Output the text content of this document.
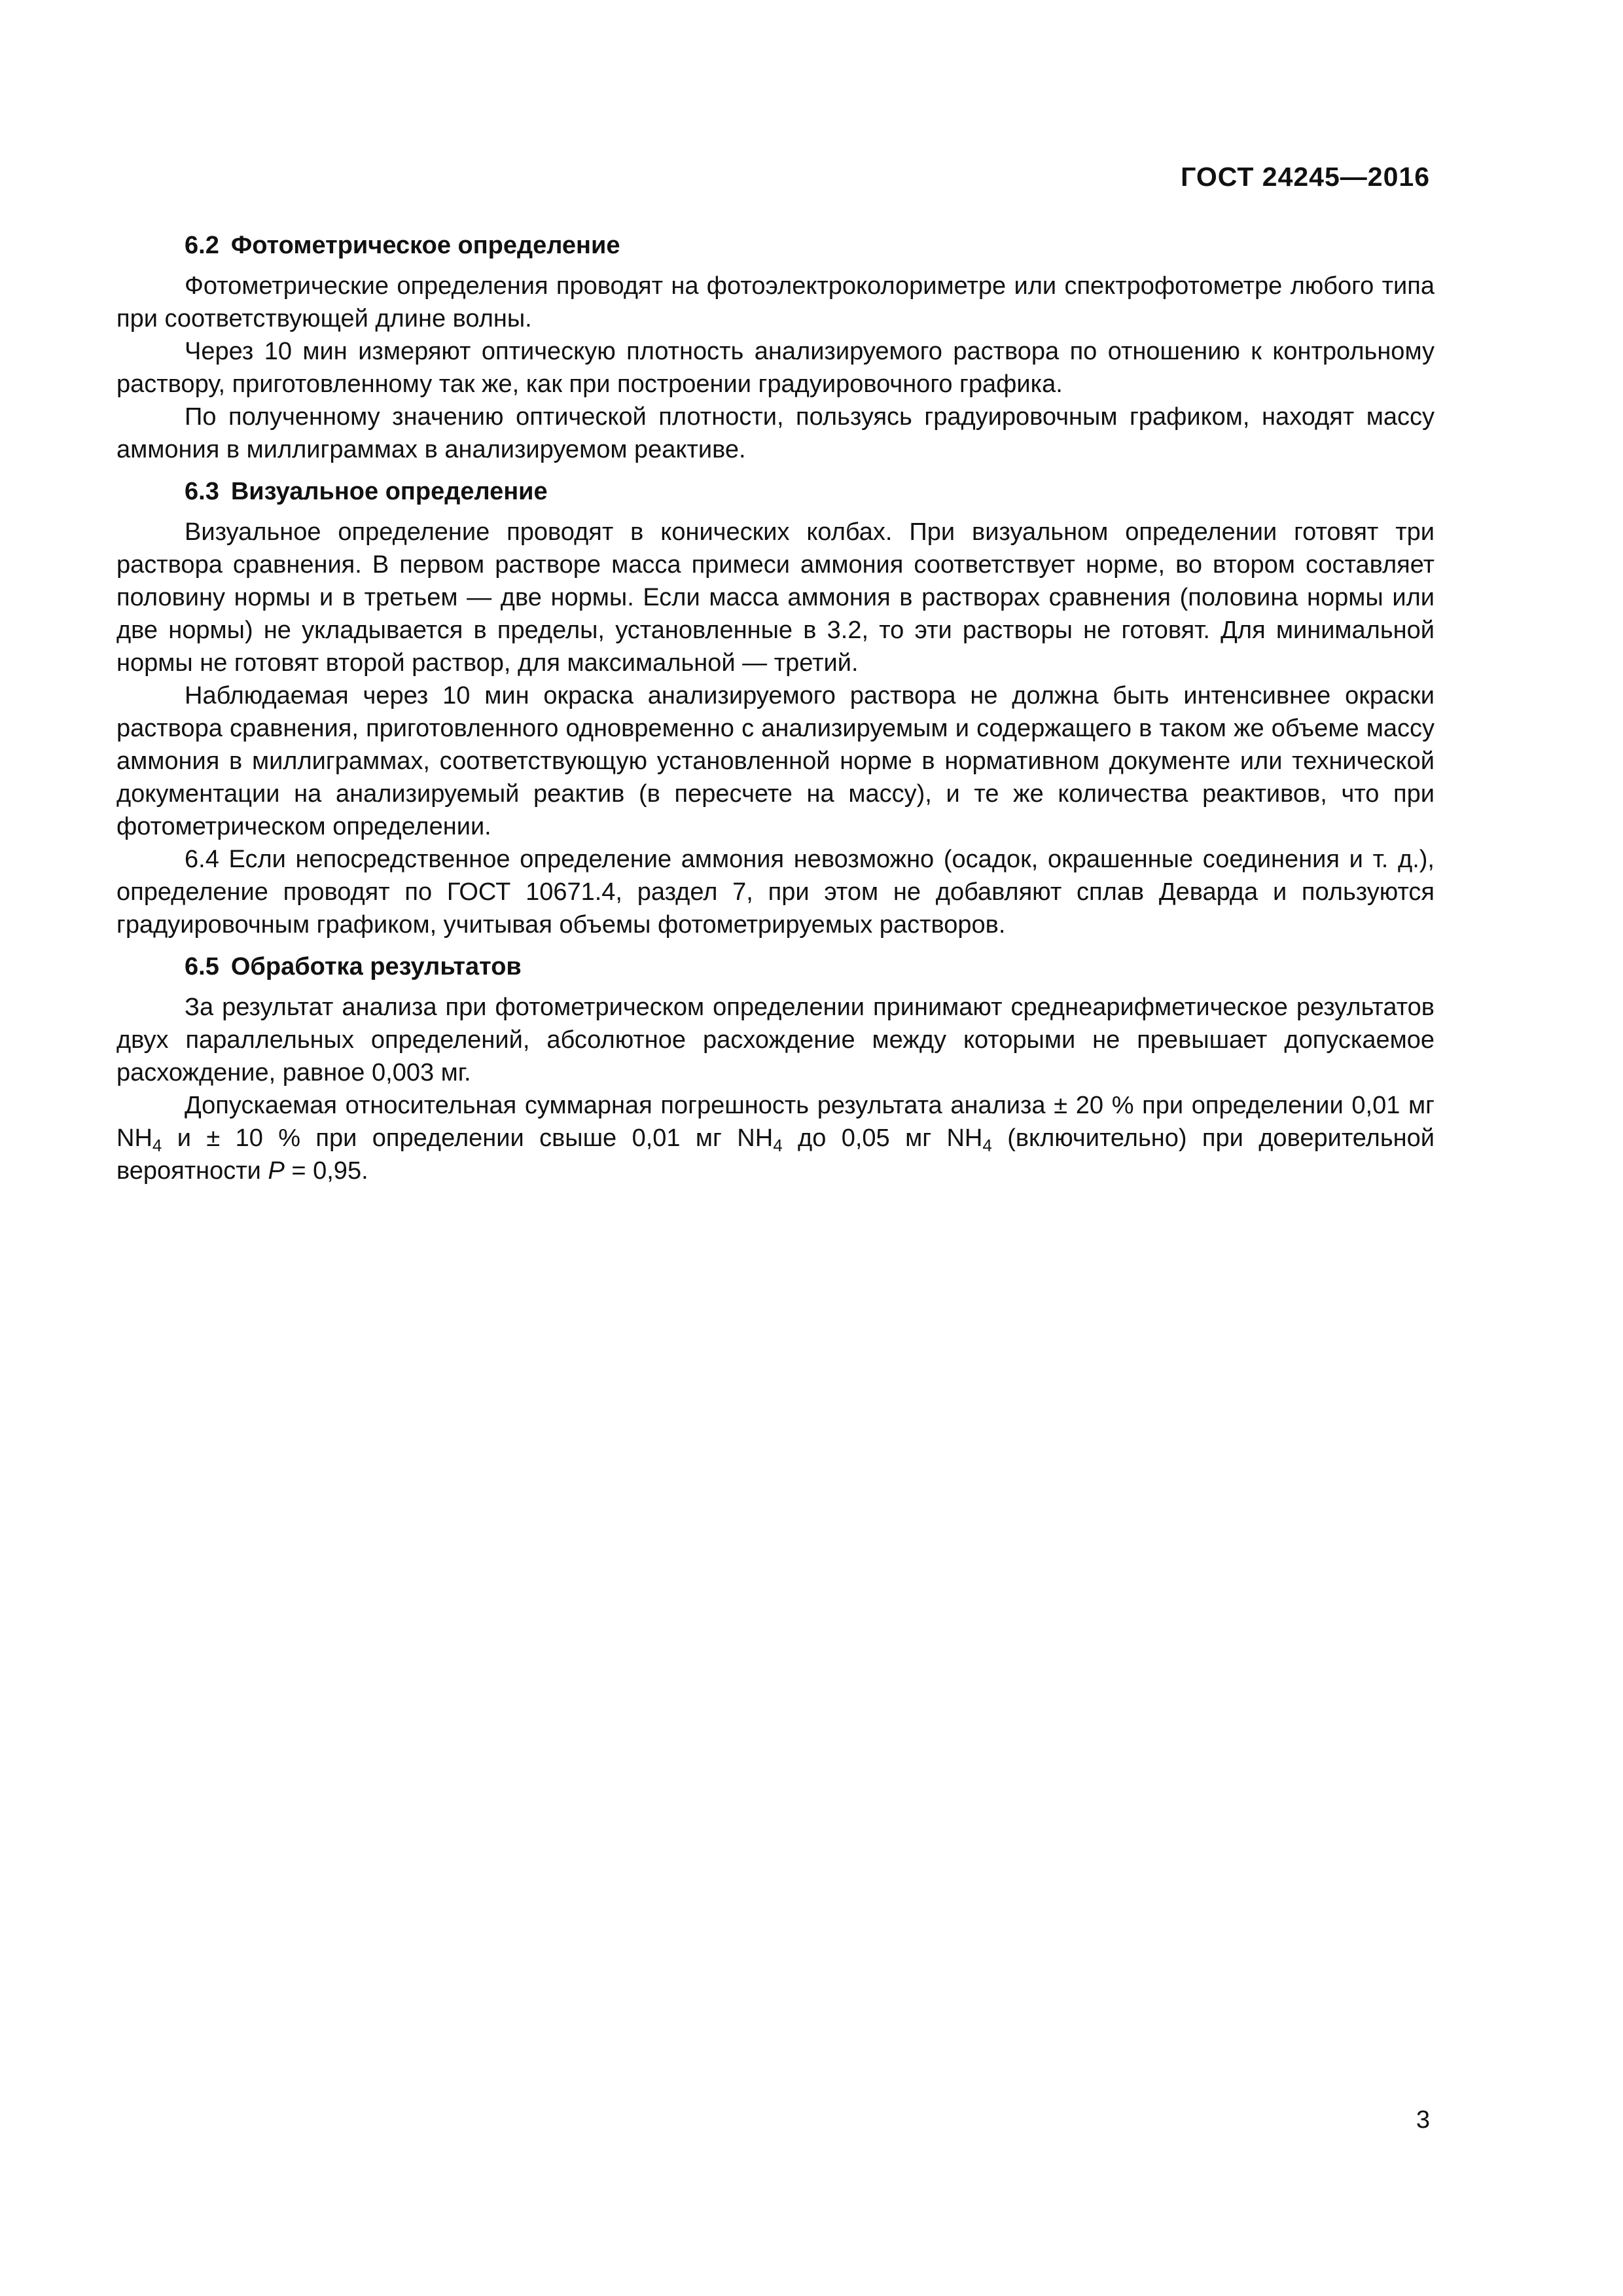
ГОСТ 24245—2016

6.2 Фотометрическое определение

Фотометрические определения проводят на фотоэлектроколориметре или спектрофотометре любого типа при соответствующей длине волны.

Через 10 мин измеряют оптическую плотность анализируемого раствора по отношению к контрольному раствору, приготовленному так же, как при построении градуировочного графика.

По полученному значению оптической плотности, пользуясь градуировочным графиком, находят массу аммония в миллиграммах в анализируемом реактиве.

6.3 Визуальное определение

Визуальное определение проводят в конических колбах. При визуальном определении готовят три раствора сравнения. В первом растворе масса примеси аммония соответствует норме, во втором составляет половину нормы и в третьем — две нормы. Если масса аммония в растворах сравнения (половина нормы или две нормы) не укладывается в пределы, установленные в 3.2, то эти растворы не готовят. Для минимальной нормы не готовят второй раствор, для максимальной — третий.

Наблюдаемая через 10 мин окраска анализируемого раствора не должна быть интенсивнее окраски раствора сравнения, приготовленного одновременно с анализируемым и содержащего в таком же объеме массу аммония в миллиграммах, соответствующую установленной норме в нормативном документе или технической документации на анализируемый реактив (в пересчете на массу), и те же количества реактивов, что при фотометрическом определении.

6.4 Если непосредственное определение аммония невозможно (осадок, окрашенные соединения и т. д.), определение проводят по ГОСТ 10671.4, раздел 7, при этом не добавляют сплав Деварда и пользуются градуировочным графиком, учитывая объемы фотометрируемых растворов.

6.5 Обработка результатов

За результат анализа при фотометрическом определении принимают среднеарифметическое результатов двух параллельных определений, абсолютное расхождение между которыми не превышает допускаемое расхождение, равное 0,003 мг.

Допускаемая относительная суммарная погрешность результата анализа ± 20 % при определении 0,01 мг $NH_4$ и ± 10 % при определении свыше 0,01 мг $NH_4$ до 0,05 мг $NH_4$ (включительно) при доверительной вероятности P = 0,95.

3
